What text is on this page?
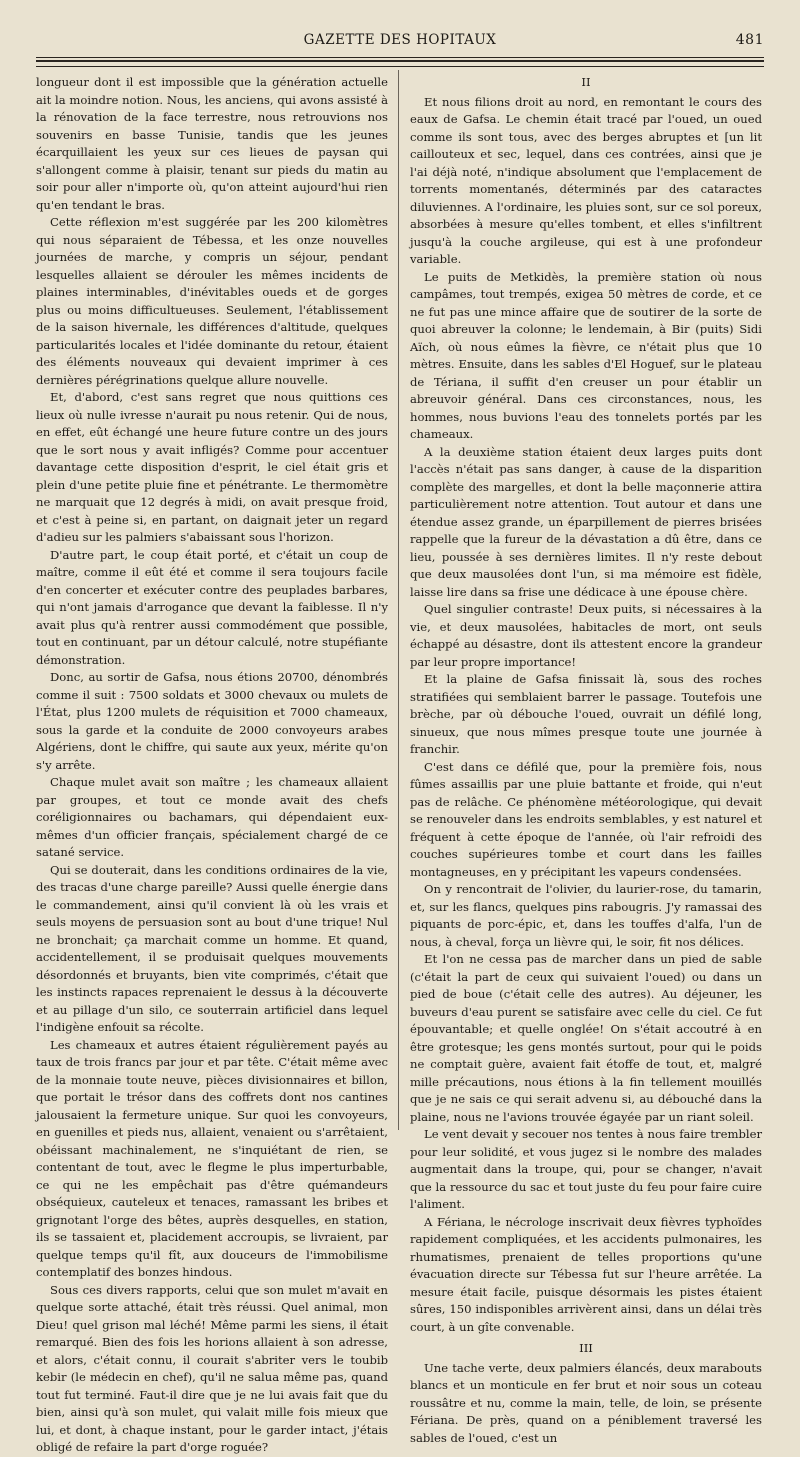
GAZETTE DES HOPITAUX	481

longueur dont il est impossible que la génération actuelle ait la moindre notion. Nous, les anciens, qui avons assisté à la rénovation de la face terrestre, nous retrouvions nos souvenirs en basse Tunisie, tandis que les jeunes écarquillaient les yeux sur ces lieues de paysan qui s'allongent comme à plaisir, tenant sur pieds du matin au soir pour aller n'importe où, qu'on atteint aujourd'hui rien qu'en tendant le bras.

Cette réflexion m'est suggérée par les 200 kilomètres qui nous séparaient de Tébessa, et les onze nouvelles journées de marche, y compris un séjour, pendant lesquelles allaient se dérouler les mêmes incidents de plaines interminables, d'inévitables oueds et de gorges plus ou moins difficultueuses. Seulement, l'établissement de la saison hivernale, les différences d'altitude, quelques particularités locales et l'idée dominante du retour, étaient des éléments nouveaux qui devaient imprimer à ces dernières pérégrinations quelque allure nouvelle.

Et, d'abord, c'est sans regret que nous quittions ces lieux où nulle ivresse n'aurait pu nous retenir. Qui de nous, en effet, eût échangé une heure future contre un des jours que le sort nous y avait infligés? Comme pour accentuer davantage cette disposition d'esprit, le ciel était gris et plein d'une petite pluie fine et pénétrante. Le thermomètre ne marquait que 12 degrés à midi, on avait presque froid, et c'est à peine si, en partant, on daignait jeter un regard d'adieu sur les palmiers s'abaissant sous l'horizon.

D'autre part, le coup était porté, et c'était un coup de maître, comme il eût été et comme il sera toujours facile d'en concerter et exécuter contre des peuplades barbares, qui n'ont jamais d'arrogance que devant la faiblesse. Il n'y avait plus qu'à rentrer aussi commodément que possible, tout en continuant, par un détour calculé, notre stupéfiante démonstration.

Donc, au sortir de Gafsa, nous étions 20700, dénombrés comme il suit : 7500 soldats et 3000 chevaux ou mulets de l'État, plus 1200 mulets de réquisition et 7000 chameaux, sous la garde et la conduite de 2000 convoyeurs arabes Algériens, dont le chiffre, qui saute aux yeux, mérite qu'on s'y arrête.

Chaque mulet avait son maître ; les chameaux allaient par groupes, et tout ce monde avait des chefs coréligionnaires ou bachamars, qui dépendaient eux-mêmes d'un officier français, spécialement chargé de ce satané service.

Qui se douterait, dans les conditions ordinaires de la vie, des tracas d'une charge pareille? Aussi quelle énergie dans le commandement, ainsi qu'il convient là où les vrais et seuls moyens de persuasion sont au bout d'une trique! Nul ne bronchait; ça marchait comme un homme. Et quand, accidentellement, il se produisait quelques mouvements désordonnés et bruyants, bien vite comprimés, c'était que les instincts rapaces reprenaient le dessus à la découverte et au pillage d'un silo, ce souterrain artificiel dans lequel l'indigène enfouit sa récolte.

Les chameaux et autres étaient régulièrement payés au taux de trois francs par jour et par tête. C'était même avec de la monnaie toute neuve, pièces divisionnaires et billon, que portait le trésor dans des coffrets dont nos cantines jalousaient la fermeture unique. Sur quoi les convoyeurs, en guenilles et pieds nus, allaient, venaient ou s'arrêtaient, obéissant machinalement, ne s'inquiétant de rien, se contentant de tout, avec le flegme le plus imperturbable, ce qui ne les empêchait pas d'être quémandeurs obséquieux, cauteleux et tenaces, ramassant les bribes et grignotant l'orge des bêtes, auprès desquelles, en station, ils se tassaient et, placidement accroupis, se livraient, par quelque temps qu'il fît, aux douceurs de l'immobilisme contemplatif des bonzes hindous.

Sous ces divers rapports, celui que son mulet m'avait en quelque sorte attaché, était très réussi. Quel animal, mon Dieu! quel grison mal léché! Même parmi les siens, il était remarqué. Bien des fois les horions allaient à son adresse, et alors, c'était connu, il courait s'abriter vers le toubib kebir (le médecin en chef), qu'il ne salua même pas, quand tout fut terminé. Faut-il dire que je ne lui avais fait que du bien, ainsi qu'à son mulet, qui valait mille fois mieux que lui, et dont, à chaque instant, pour le garder intact, j'étais obligé de refaire la part d'orge roguée?

II

Et nous filions droit au nord, en remontant le cours des eaux de Gafsa. Le chemin était tracé par l'oued, un oued comme ils sont tous, avec des berges abruptes et [un lit caillouteux et sec, lequel, dans ces contrées, ainsi que je l'ai déjà noté, n'indique absolument que l'emplacement de torrents momentanés, déterminés par des cataractes diluviennes. A l'ordinaire, les pluies sont, sur ce sol poreux, absorbées à mesure qu'elles tombent, et elles s'infiltrent jusqu'à la couche argileuse, qui est à une profondeur variable.

Le puits de Metkidès, la première station où nous campâmes, tout trempés, exigea 50 mètres de corde, et ce ne fut pas une mince affaire que de soutirer de la sorte de quoi abreuver la colonne; le lendemain, à Bir (puits) Sidi Aïch, où nous eûmes la fièvre, ce n'était plus que 10 mètres. Ensuite, dans les sables d'El Hoguef, sur le plateau de Tériana, il suffit d'en creuser un pour établir un abreuvoir général. Dans ces circonstances, nous, les hommes, nous buvions l'eau des tonnelets portés par les chameaux.

A la deuxième station étaient deux larges puits dont l'accès n'était pas sans danger, à cause de la disparition complète des margelles, et dont la belle maçonnerie attira particulièrement notre attention. Tout autour et dans une étendue assez grande, un éparpillement de pierres brisées rappelle que la fureur de la dévastation a dû être, dans ce lieu, poussée à ses dernières limites. Il n'y reste debout que deux mausolées dont l'un, si ma mémoire est fidèle, laisse lire dans sa frise une dédicace à une épouse chère.

Quel singulier contraste! Deux puits, si nécessaires à la vie, et deux mausolées, habitacles de mort, ont seuls échappé au désastre, dont ils attestent encore la grandeur par leur propre importance!

Et la plaine de Gafsa finissait là, sous des roches stratifiées qui semblaient barrer le passage. Toutefois une brèche, par où débouche l'oued, ouvrait un défilé long, sinueux, que nous mîmes presque toute une journée à franchir.

C'est dans ce défilé que, pour la première fois, nous fûmes assaillis par une pluie battante et froide, qui n'eut pas de relâche. Ce phénomène météorologique, qui devait se renouveler dans les endroits semblables, y est naturel et fréquent à cette époque de l'année, où l'air refroidi des couches supérieures tombe et court dans les failles montagneuses, en y précipitant les vapeurs condensées.

On y rencontrait de l'olivier, du laurier-rose, du tamarin, et, sur les flancs, quelques pins rabougris. J'y ramassai des piquants de porc-épic, et, dans les touffes d'alfa, l'un de nous, à cheval, força un lièvre qui, le soir, fit nos délices.

Et l'on ne cessa pas de marcher dans un pied de sable (c'était la part de ceux qui suivaient l'oued) ou dans un pied de boue (c'était celle des autres). Au déjeuner, les buveurs d'eau purent se satisfaire avec celle du ciel. Ce fut épouvantable; et quelle onglée! On s'était accoutré à en être grotesque; les gens montés surtout, pour qui le poids ne comptait guère, avaient fait étoffe de tout, et, malgré mille précautions, nous étions à la fin tellement mouillés que je ne sais ce qui serait advenu si, au débouché dans la plaine, nous ne l'avions trouvée égayée par un riant soleil.

Le vent devait y secouer nos tentes à nous faire trembler pour leur solidité, et vous jugez si le nombre des malades augmentait dans la troupe, qui, pour se changer, n'avait que la ressource du sac et tout juste du feu pour faire cuire l'aliment.

A Fériana, le nécrologe inscrivait deux fièvres typhoïdes rapidement compliquées, et les accidents pulmonaires, les rhumatismes, prenaient de telles proportions qu'une évacuation directe sur Tébessa fut sur l'heure arrêtée. La mesure était facile, puisque désormais les pistes étaient sûres, 150 indisponibles arrivèrent ainsi, dans un délai très court, à un gîte convenable.

III

Une tache verte, deux palmiers élancés, deux marabouts blancs et un monticule en fer brut et noir sous un coteau roussâtre et nu, comme la main, telle, de loin, se présente Fériana. De près, quand on a péniblement traversé les sables de l'oued, c'est un
